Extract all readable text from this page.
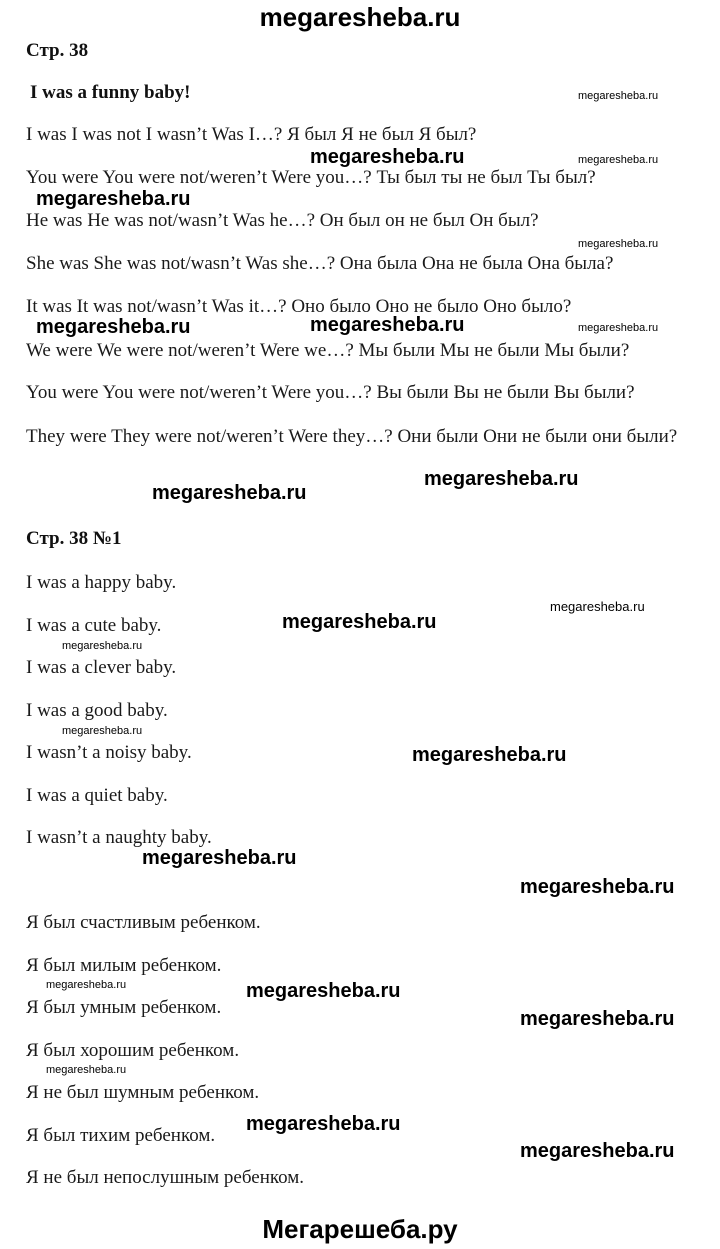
megaresheba.ru
Стр. 38
I was a funny baby!
I was I was not I wasn’t Was I…? Я был Я не был Я был?
You were You were not/weren’t Were you…? Ты был ты не был Ты был?
He was He was not/wasn’t Was he…? Он был он не был Он был?
She was She was not/wasn’t Was she…? Она была Она не была Она была?
It was It was not/wasn’t Was it…? Оно было Оно не было Оно было?
We were We were not/weren’t Were we…? Мы были Мы не были Мы были?
You were You were not/weren’t Were you…? Вы были Вы не были Вы были?
They were They were not/weren’t Were they…? Они были Они не были они были?
Стр. 38 №1
I was a happy baby.
I was a cute baby.
I was a clever baby.
I was a good baby.
I wasn’t a noisy baby.
I was a quiet baby.
I wasn’t a naughty baby.
Я был счастливым ребенком.
Я был милым ребенком.
Я был умным ребенком.
Я был хорошим ребенком.
Я не был шумным ребенком.
Я был тихим ребенком.
Я не был непослушным ребенком.
megaresheba.ru
megaresheba.ru
megaresheba.ru
megaresheba.ru
megaresheba.ru
megaresheba.ru
megaresheba.ru
megaresheba.ru
megaresheba.ru
megaresheba.ru
megaresheba.ru
megaresheba.ru
megaresheba.ru
megaresheba.ru
megaresheba.ru
megaresheba.ru
megaresheba.ru
megaresheba.ru
megaresheba.ru
megaresheba.ru
megaresheba.ru
megaresheba.ru
megaresheba.ru
Мегарешеба.ру
